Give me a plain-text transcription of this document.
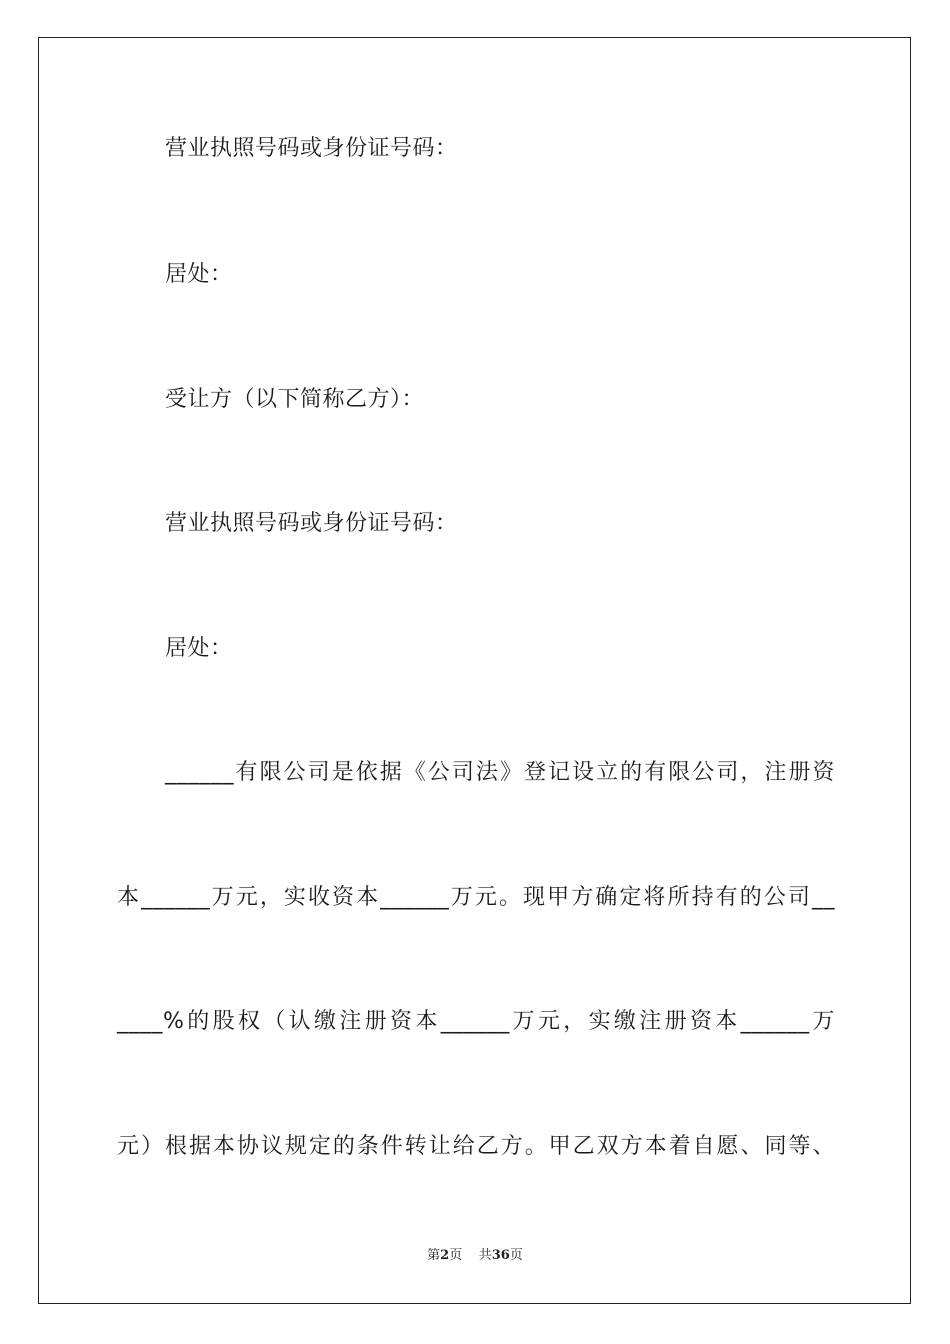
营业执照号码或身份证号码：
居处：
受让方（以下简称乙方）：
营业执照号码或身份证号码：
居处：
______有限公司是依据《公司法》登记设立的有限公司，注册资
本______万元，实收资本______万元。现甲方确定将所持有的公司__
____%的股权（认缴注册资本______万元，实缴注册资本______万
元）根据本协议规定的条件转让给乙方。甲乙双方本着自愿、同等、
第2页 共36页
